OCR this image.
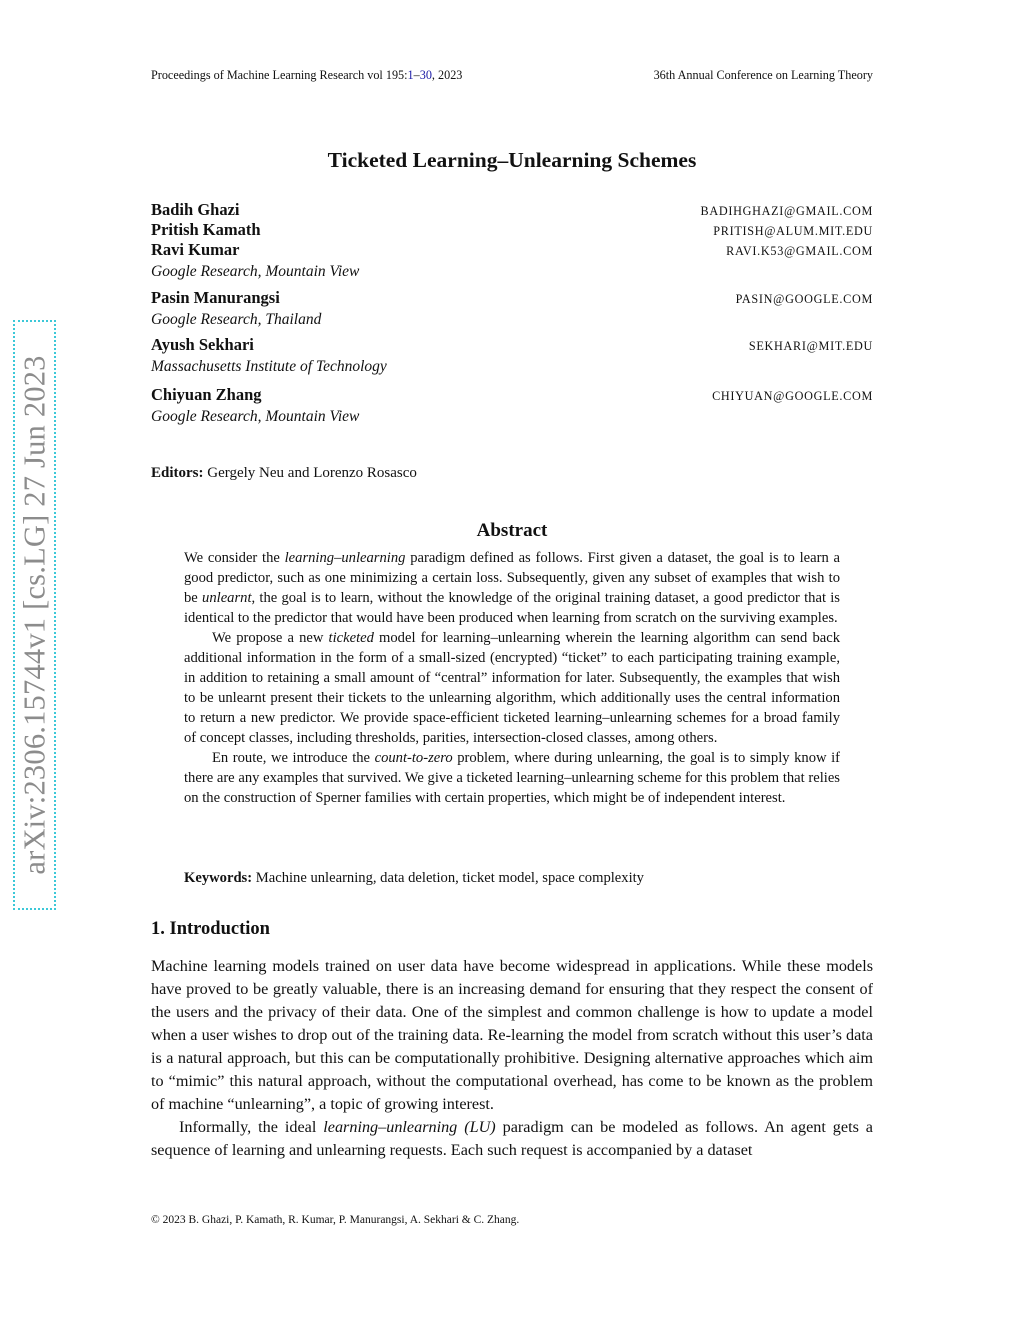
Proceedings of Machine Learning Research vol 195:1–30, 2023	36th Annual Conference on Learning Theory
arXiv:2306.15744v1 [cs.LG] 27 Jun 2023
Ticketed Learning–Unlearning Schemes
Badih Ghazi	BADIHGHAZI@GMAIL.COM
Pritish Kamath	PRITISH@ALUM.MIT.EDU
Ravi Kumar	RAVI.K53@GMAIL.COM
Google Research, Mountain View
Pasin Manurangsi	PASIN@GOOGLE.COM
Google Research, Thailand
Ayush Sekhari	SEKHARI@MIT.EDU
Massachusetts Institute of Technology
Chiyuan Zhang	CHIYUAN@GOOGLE.COM
Google Research, Mountain View
Editors: Gergely Neu and Lorenzo Rosasco
Abstract

We consider the learning–unlearning paradigm defined as follows. First given a dataset, the goal is to learn a good predictor, such as one minimizing a certain loss. Subsequently, given any subset of examples that wish to be unlearnt, the goal is to learn, without the knowledge of the original training dataset, a good predictor that is identical to the predictor that would have been produced when learning from scratch on the surviving examples.

We propose a new ticketed model for learning–unlearning wherein the learning algorithm can send back additional information in the form of a small-sized (encrypted) “ticket” to each participating training example, in addition to retaining a small amount of “central” information for later. Subsequently, the examples that wish to be unlearnt present their tickets to the unlearning algorithm, which additionally uses the central information to return a new predictor. We provide space-efficient ticketed learning–unlearning schemes for a broad family of concept classes, including thresholds, parities, intersection-closed classes, among others.

En route, we introduce the count-to-zero problem, where during unlearning, the goal is to simply know if there are any examples that survived. We give a ticketed learning–unlearning scheme for this problem that relies on the construction of Sperner families with certain properties, which might be of independent interest.

Keywords: Machine unlearning, data deletion, ticket model, space complexity
1. Introduction

Machine learning models trained on user data have become widespread in applications. While these models have proved to be greatly valuable, there is an increasing demand for ensuring that they respect the consent of the users and the privacy of their data. One of the simplest and common challenge is how to update a model when a user wishes to drop out of the training data. Re-learning the model from scratch without this user’s data is a natural approach, but this can be computationally prohibitive. Designing alternative approaches which aim to “mimic” this natural approach, without the computational overhead, has come to be known as the problem of machine “unlearning”, a topic of growing interest.

Informally, the ideal learning–unlearning (LU) paradigm can be modeled as follows. An agent gets a sequence of learning and unlearning requests. Each such request is accompanied by a dataset

© 2023 B. Ghazi, P. Kamath, R. Kumar, P. Manurangsi, A. Sekhari & C. Zhang.
